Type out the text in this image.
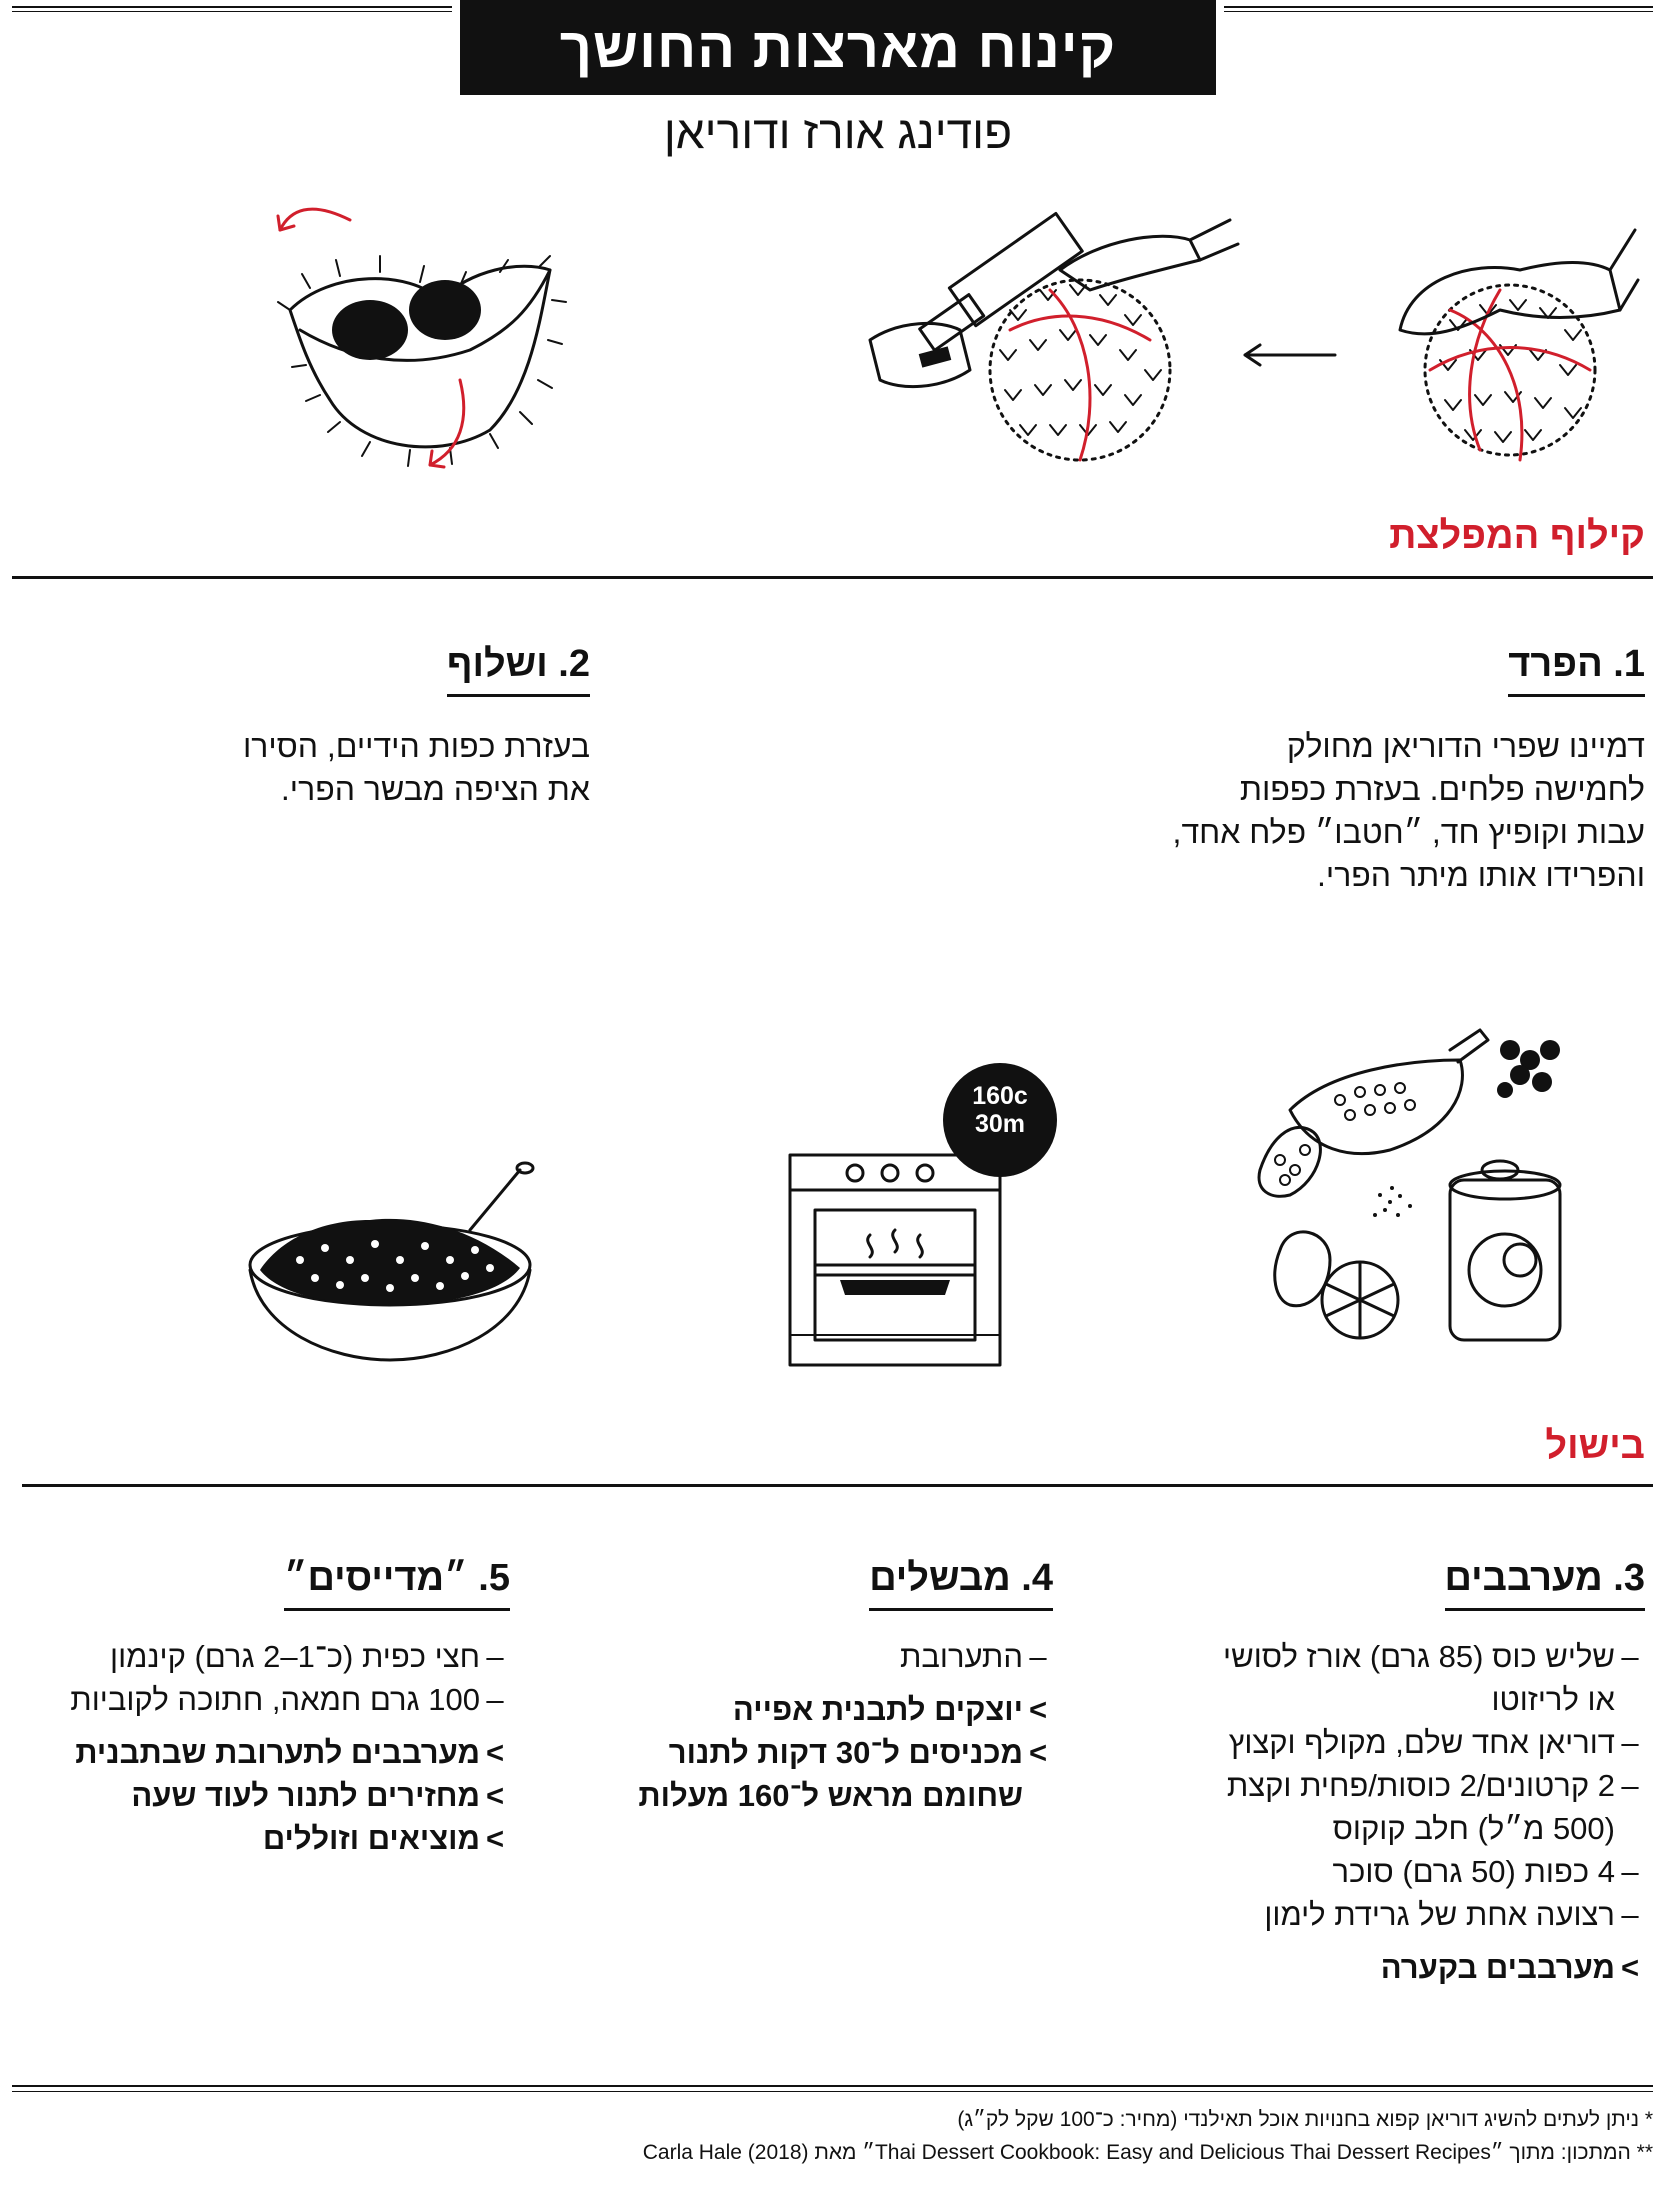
קינוח מארצות החושך
פודינג אורז ודוריאן
קילוף המפלצת
1. הפרד
דמיינו שפרי הדוריאן מחולק
לחמישה פלחים. בעזרת כפפות
עבות וקופיץ חד, ״חטבו״ פלח אחד,
והפרידו אותו מיתר הפרי.
2. ושלוף
בעזרת כפות הידיים, הסירו
את הציפה מבשר הפרי.
160c
30m
בישול
3. מערבבים
–שליש כוס (85 גרם) אורז לסושי
או לריזוטו
–דוריאן אחד שלם, מקולף וקצוץ
–2 קרטונים/2 כוסות/פחית וקצת
(500 מ״ל) חלב קוקוס
–4 כפות (50 גרם) סוכר
–רצועה אחת של גרידת לימון
>מערבבים בקערה
4. מבשלים
–התערובת
>יוצקים לתבנית אפייה
>מכניסים ל־30 דקות לתנור
שחומם מראש ל־160 מעלות
5. ״מדייסים״
–חצי כפית (כ־1–2 גרם) קינמון
–100 גרם חמאה, חתוכה לקוביות
>מערבבים לתערובת שבתבנית
>מחזירים לתנור לעוד שעה
>מוציאים וזוללים
* ניתן לעתים להשיג דוריאן קפוא בחנויות אוכל תאילנדי (מחיר: כ־100 שקל לק״ג)
** המתכון: מתוך ״Thai Dessert Cookbook: Easy and Delicious Thai Dessert Recipes״ מאת Carla Hale (2018)
